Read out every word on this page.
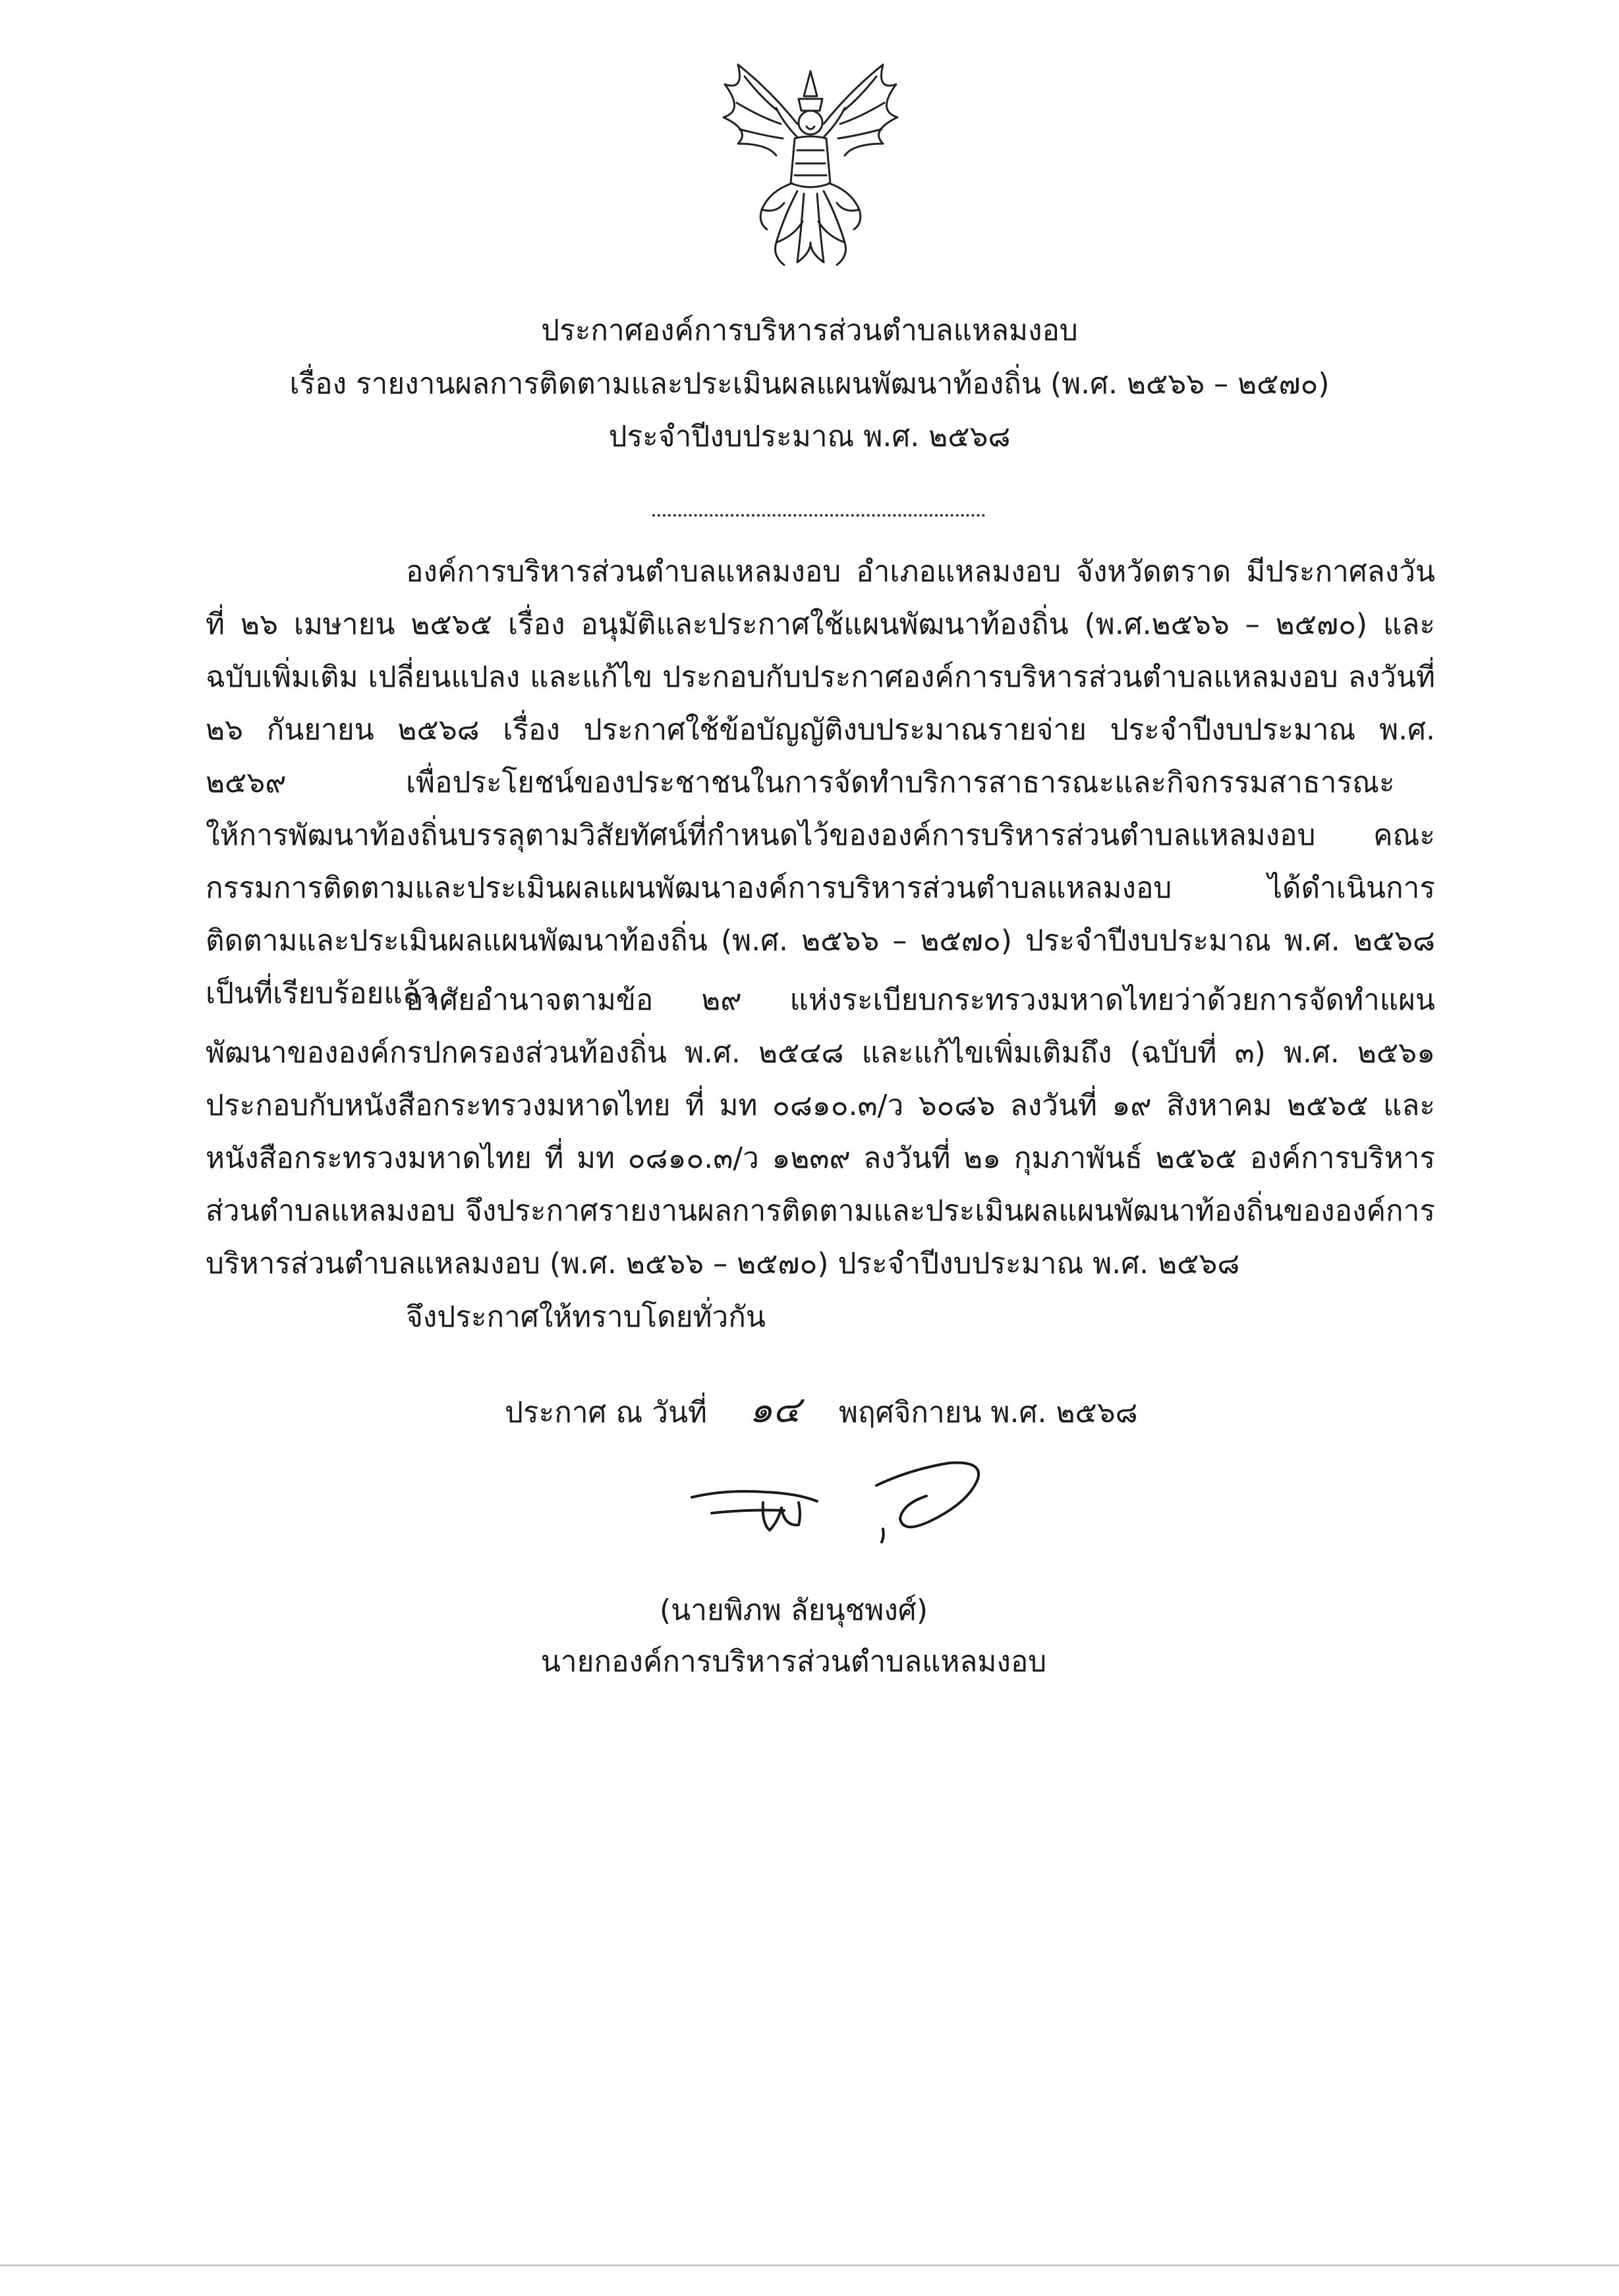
ประกาศองค์การบริหารส่วนตำบลแหลมงอบ
เรื่อง รายงานผลการติดตามและประเมินผลแผนพัฒนาท้องถิ่น (พ.ศ. ๒๕๖๖ – ๒๕๗๐)
ประจำปีงบประมาณ พ.ศ. ๒๕๖๘

องค์การบริหารส่วนตำบลแหลมงอบ อำเภอแหลมงอบ จังหวัดตราด มีประกาศลงวันที่ ๒๖ เมษายน ๒๕๖๕ เรื่อง อนุมัติและประกาศใช้แผนพัฒนาท้องถิ่น (พ.ศ.๒๕๖๖ – ๒๕๗๐) และ ฉบับเพิ่มเติม เปลี่ยนแปลง และแก้ไข ประกอบกับประกาศองค์การบริหารส่วนตำบลแหลมงอบ ลงวันที่ ๒๖ กันยายน ๒๕๖๘ เรื่อง ประกาศใช้ข้อบัญญัติงบประมาณรายจ่าย ประจำปีงบประมาณ พ.ศ. ๒๕๖๙	เพื่อประโยชน์ของประชาชนในการจัดทำบริการสาธารณะและกิจกรรมสาธารณะให้การพัฒนาท้องถิ่นบรรลุตามวิสัยทัศน์ที่กำหนดไว้ขององค์การบริหารส่วนตำบลแหลมงอบ คณะกรรมการติดตามและประเมินผลแผนพัฒนาองค์การบริหารส่วนตำบลแหลมงอบ ได้ดำเนินการติดตามและประเมินผลแผนพัฒนาท้องถิ่น (พ.ศ. ๒๕๖๖ – ๒๕๗๐) ประจำปีงบประมาณ พ.ศ. ๒๕๖๘ เป็นที่เรียบร้อยแล้ว

อาศัยอำนาจตามข้อ ๒๙ แห่งระเบียบกระทรวงมหาดไทยว่าด้วยการจัดทำแผนพัฒนาขององค์กรปกครองส่วนท้องถิ่น พ.ศ. ๒๕๔๘ และแก้ไขเพิ่มเติมถึง (ฉบับที่ ๓) พ.ศ. ๒๕๖๑ ประกอบกับหนังสือกระทรวงมหาดไทย ที่ มท ๐๘๑๐.๓/ว ๖๐๘๖ ลงวันที่ ๑๙ สิงหาคม ๒๕๖๕ และหนังสือกระทรวงมหาดไทย ที่ มท ๐๘๑๐.๓/ว ๑๒๓๙ ลงวันที่ ๒๑ กุมภาพันธ์ ๒๕๖๕ องค์การบริหารส่วนตำบลแหลมงอบ จึงประกาศรายงานผลการติดตามและประเมินผลแผนพัฒนาท้องถิ่นขององค์การบริหารส่วนตำบลแหลมงอบ (พ.ศ. ๒๕๖๖ – ๒๕๗๐) ประจำปีงบประมาณ พ.ศ. ๒๕๖๘

จึงประกาศให้ทราบโดยทั่วกัน
ประกาศ ณ วันที่ ๑๔ พฤศจิกายน พ.ศ. ๒๕๖๘
(นายพิภพ ลัยนุชพงศ์)
นายกองค์การบริหารส่วนตำบลแหลมงอบ
